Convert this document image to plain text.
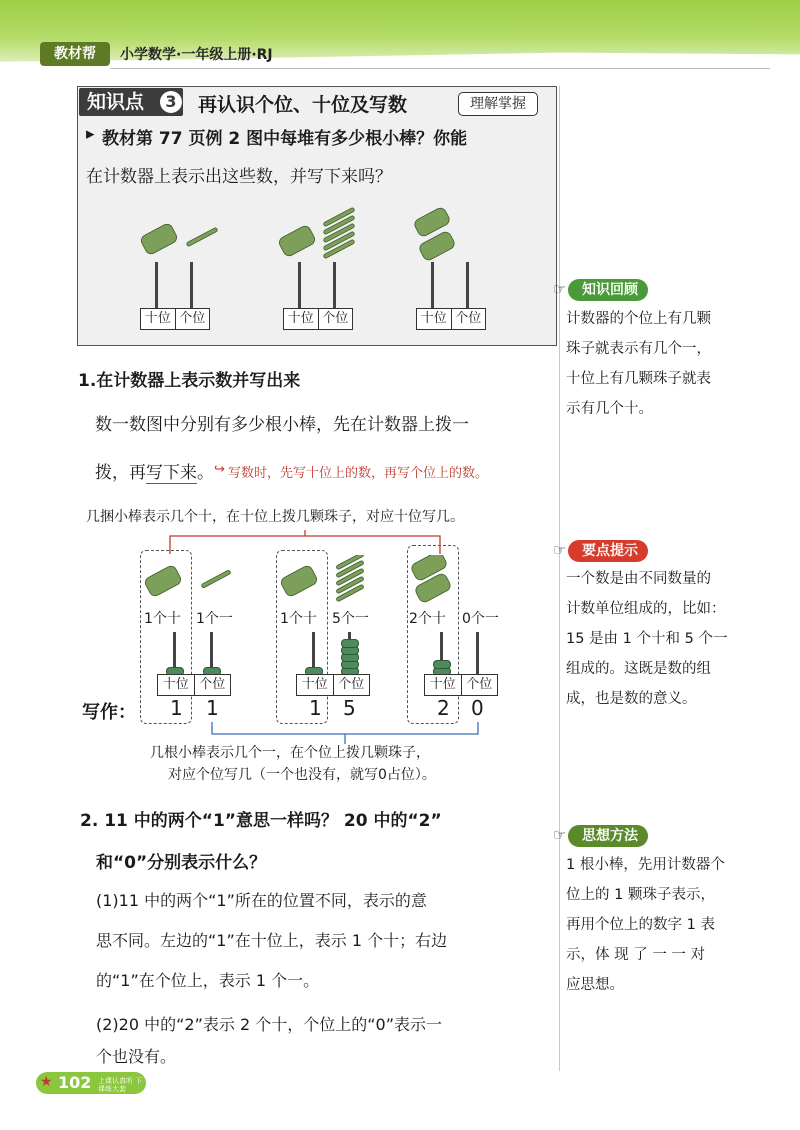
教材帮	小学数学·一年级上册·RJ
知识点	3 再认识个位、十位及写数	理解掌握
▸ 教材第 77 页例 2 图中每堆有多少根小棒？你能
在计数器上表示出这些数，并写下来吗？
十位 个位	十位 个位	十位 个位
1.在计数器上表示数并写出来
数一数图中分别有多少根小棒，先在计数器上拨一
拨，再写下来。 ↪ 写数时，先写十位上的数，再写个位上的数。
几捆小棒表示几个十，在十位上拨几颗珠子，对应十位写几。
1个十 1个一	1个十 5个一	2个十 0个一
十位 个位	十位 个位	十位 个位
写作： 1 1	1 5	2 0
几根小棒表示几个一，在个位上拨几颗珠子，
对应个位写几（一个也没有，就写0占位）。
2. 11 中的两个“1”意思一样吗？ 20 中的“2”
和“0”分别表示什么？
(1)11 中的两个“1”所在的位置不同，表示的意
思不同。左边的“1”在十位上，表示 1 个十；右边
的“1”在个位上，表示 1 个一。
(2)20 中的“2”表示 2 个十，个位上的“0”表示一
个也没有。
☞	知识回顾
计数器的个位上有几颗
珠子就表示有几个一，
十位上有几颗珠子就表
示有几个十。
☞	要点提示
一个数是由不同数量的
计数单位组成的，比如：
15 是由 1 个十和 5 个一
组成的。这既是数的组
成，也是数的意义。
☞	思想方法
1 根小棒，先用计数器个
位上的 1 颗珠子表示，
再用个位上的数字 1 表
示，体 现 了 一 一 对
应思想。
★ 102 上课认真听 下课练大套
